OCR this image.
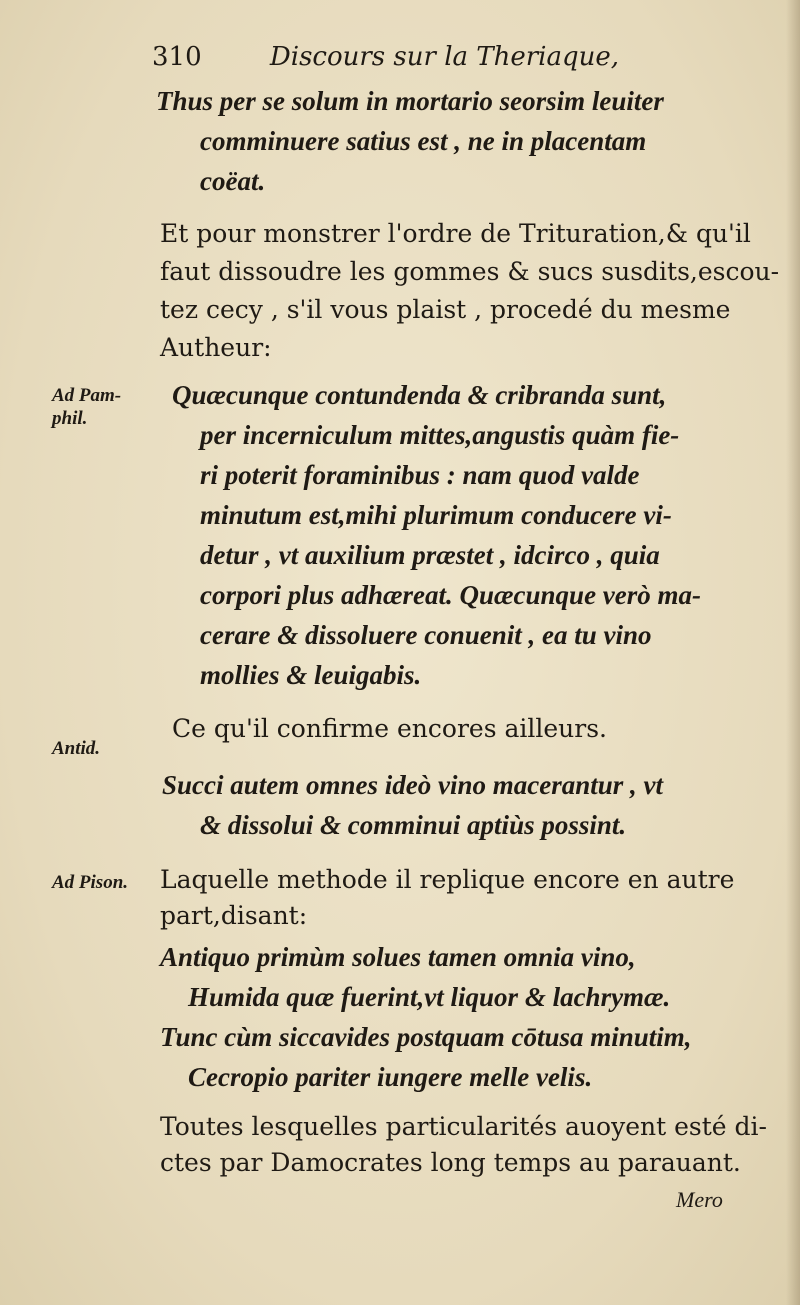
310	Discours sur la Theriaque,
Thus per se solum in mortario seorsim leuiter
comminuere satius est , ne in placentam
coëat.
Et pour monstrer l'ordre de Trituration,& qu'il
faut dissoudre les gommes & sucs susdits,escou-
tez cecy , s'il vous plaist , procedé du mesme
Autheur:
Ad Pam-
phil.
Quæcunque contundenda & cribranda sunt,
per incerniculum mittes,angustis quàm fie-
ri poterit foraminibus : nam quod valde
minutum est,mihi plurimum conducere vi-
detur , vt auxilium præstet , idcirco , quia
corpori plus adhæreat. Quæcunque verò ma-
cerare & dissoluere conuenit , ea tu vino
mollies & leuigabis.
Ce qu'il confirme encores ailleurs.
Antid.
Succi autem omnes ideò vino macerantur , vt
& dissolui & comminui aptiùs possint.
Ad Pison. Laquelle methode il replique encore en autre
part,disant:
Antiquo primùm solues tamen omnia vino,
Humida quæ fuerint,vt liquor & lachrymæ.
Tunc cùm siccavides postquam cōtusa minutim,
Cecropio pariter iungere melle velis.
Toutes lesquelles particularités auoyent esté di-
ctes par Damocrates long temps au parauant.
Mero
